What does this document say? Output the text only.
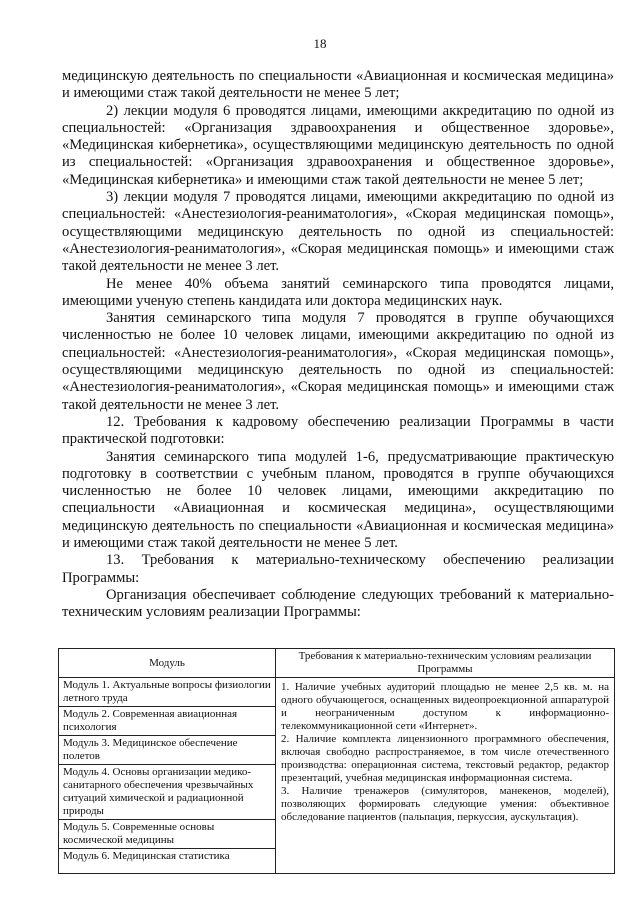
18

медицинскую деятельность по специальности «Авиационная и космическая медицина» и имеющими стаж такой деятельности не менее 5 лет;

2) лекции модуля 6 проводятся лицами, имеющими аккредитацию по одной из специальностей: «Организация здравоохранения и общественное здоровье», «Медицинская кибернетика», осуществляющими медицинскую деятельность по одной из специальностей: «Организация здравоохранения и общественное здоровье», «Медицинская кибернетика» и имеющими стаж такой деятельности не менее 5 лет;

3) лекции модуля 7 проводятся лицами, имеющими аккредитацию по одной из специальностей: «Анестезиология-реаниматология», «Скорая медицинская помощь», осуществляющими медицинскую деятельность по одной из специальностей: «Анестезиология-реаниматология», «Скорая медицинская помощь» и имеющими стаж такой деятельности не менее 3 лет.

Не менее 40% объема занятий семинарского типа проводятся лицами, имеющими ученую степень кандидата или доктора медицинских наук.

Занятия семинарского типа модуля 7 проводятся в группе обучающихся численностью не более 10 человек лицами, имеющими аккредитацию по одной из специальностей: «Анестезиология-реаниматология», «Скорая медицинская помощь», осуществляющими медицинскую деятельность по одной из специальностей: «Анестезиология-реаниматология», «Скорая медицинская помощь» и имеющими стаж такой деятельности не менее 3 лет.

12. Требования к кадровому обеспечению реализации Программы в части практической подготовки:

Занятия семинарского типа модулей 1-6, предусматривающие практическую подготовку в соответствии с учебным планом, проводятся в группе обучающихся численностью не более 10 человек лицами, имеющими аккредитацию по специальности «Авиационная и космическая медицина», осуществляющими медицинскую деятельность по специальности «Авиационная и космическая медицина» и имеющими стаж такой деятельности не менее 5 лет.

13. Требования к материально-техническому обеспечению реализации Программы:

Организация обеспечивает соблюдение следующих требований к материально-техническим условиям реализации Программы:

Модуль	Требования к материально-техническим условиям реализации Программы
Модуль 1. Актуальные вопросы физиологии летного труда	1. Наличие учебных аудиторий площадью не менее 2,5 кв. м. на одного обучающегося, оснащенных видеопроекционной аппаратурой и неограниченным доступом к информационно-телекоммуникационной сети «Интернет».

2. Наличие комплекта лицензионного программного обеспечения, включая свободно распространяемое, в том числе отечественного производства: операционная система, текстовый редактор, редактор презентаций, учебная медицинская информационная система.

3. Наличие тренажеров (симуляторов, манекенов, моделей), позволяющих формировать следующие умения: объективное обследование пациентов (пальпация, перкуссия, аускультация).

Модуль 2. Современная авиационная психология	
Модуль 3. Медицинское обеспечение полетов	
Модуль 4. Основы организации медико-санитарного обеспечения чрезвычайных ситуаций химической и радиационной природы	
Модуль 5. Современные основы космической медицины	
Модуль 6. Медицинская статистика	
